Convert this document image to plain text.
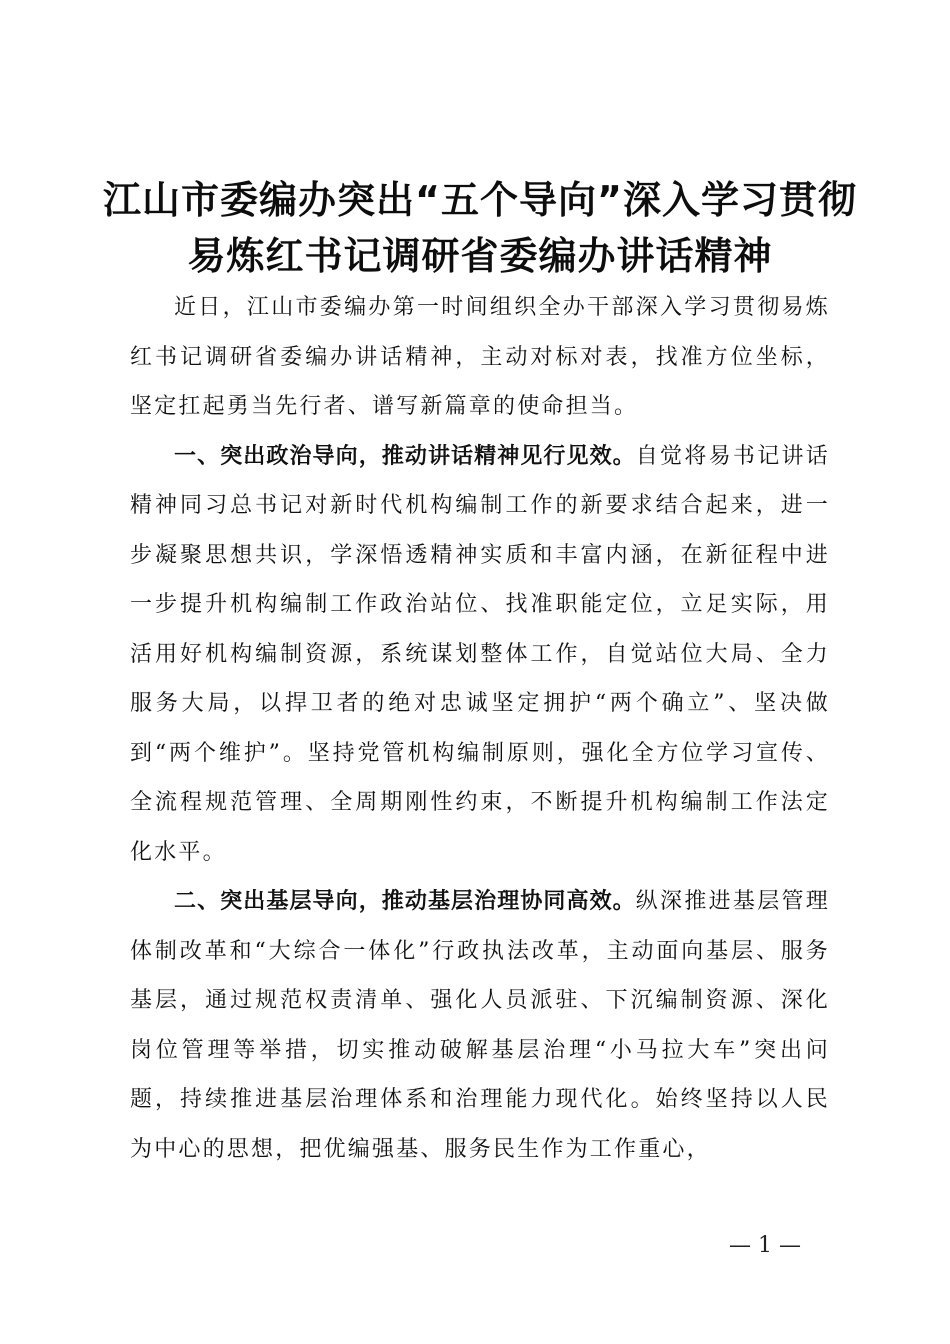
江山市委编办突出“五个导向”深入学习贯彻
易炼红书记调研省委编办讲话精神

近日，江山市委编办第一时间组织全办干部深入学习贯彻易炼红书记调研省委编办讲话精神，主动对标对表，找准方位坐标，坚定扛起勇当先行者、谱写新篇章的使命担当。

一、突出政治导向，推动讲话精神见行见效。自觉将易书记讲话精神同习总书记对新时代机构编制工作的新要求结合起来，进一步凝聚思想共识，学深悟透精神实质和丰富内涵，在新征程中进一步提升机构编制工作政治站位、找准职能定位，立足实际，用活用好机构编制资源，系统谋划整体工作，自觉站位大局、全力服务大局，以捍卫者的绝对忠诚坚定拥护“两个确立”、坚决做到“两个维护”。坚持党管机构编制原则，强化全方位学习宣传、全流程规范管理、全周期刚性约束，不断提升机构编制工作法定化水平。

二、突出基层导向，推动基层治理协同高效。纵深推进基层管理体制改革和“大综合一体化”行政执法改革，主动面向基层、服务基层，通过规范权责清单、强化人员派驻、下沉编制资源、深化岗位管理等举措，切实推动破解基层治理“小马拉大车”突出问题，持续推进基层治理体系和治理能力现代化。始终坚持以人民为中心的思想，把优编强基、服务民生作为工作重心，

— 1 —
